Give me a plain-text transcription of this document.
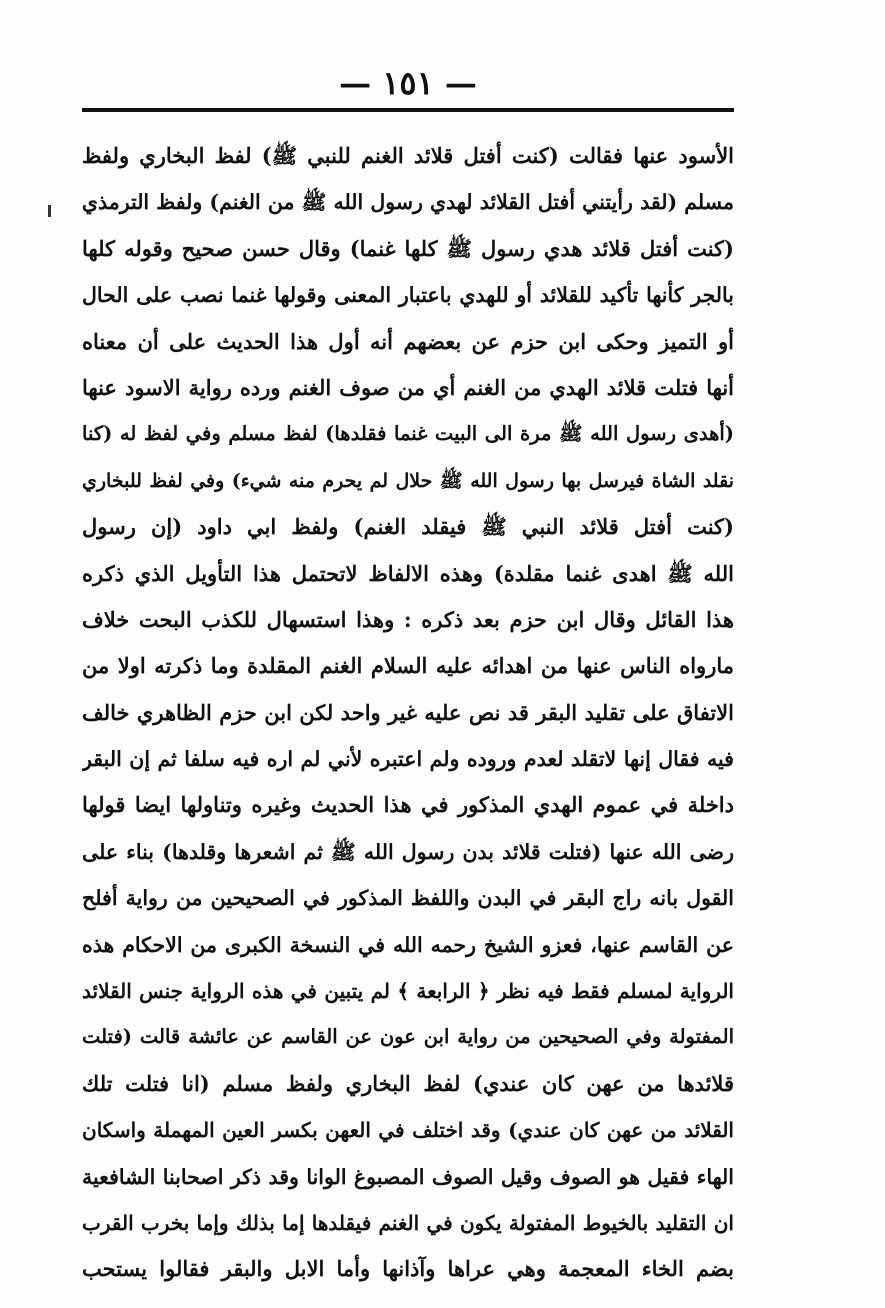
— ١٥١ —
الأسود عنها فقالت (كنت أفتل قلائد الغنم للنبي ﷺ) لفظ البخاري ولفظ
مسلم (لقد رأيتني أفتل القلائد لهدي رسول الله ﷺ من الغنم) ولفظ الترمذي
(كنت أفتل قلائد هدي رسول ﷺ كلها غنما) وقال حسن صحيح وقوله كلها
بالجر كأنها تأكيد للقلائد أو للهدي باعتبار المعنى وقولها غنما نصب على الحال
أو التميز وحكى ابن حزم عن بعضهم أنه أول هذا الحديث على أن معناه
أنها فتلت قلائد الهدي من الغنم أي من صوف الغنم ورده رواية الاسود عنها
(أهدى رسول الله ﷺ مرة الى البيت غنما فقلدها) لفظ مسلم وفي لفظ له (كنا
نقلد الشاة فيرسل بها رسول الله ﷺ حلال لم يحرم منه شيء) وفي لفظ للبخاري
(كنت أفتل قلائد النبي ﷺ فيقلد الغنم) ولفظ ابي داود (إن رسول
الله ﷺ اهدى غنما مقلدة) وهذه الالفاظ لاتحتمل هذا التأويل الذي ذكره
هذا القائل وقال ابن حزم بعد ذكره : وهذا استسهال للكذب البحت خلاف
مارواه الناس عنها من اهدائه عليه السلام الغنم المقلدة وما ذكرته اولا من
الاتفاق على تقليد البقر قد نص عليه غير واحد لكن ابن حزم الظاهري خالف
فيه فقال إنها لاتقلد لعدم وروده ولم اعتبره لأني لم اره فيه سلفا ثم إن البقر
داخلة في عموم الهدي المذكور في هذا الحديث وغيره وتناولها ايضا قولها
رضى الله عنها (فتلت قلائد بدن رسول الله ﷺ ثم اشعرها وقلدها) بناء على
القول بانه راج البقر في البدن واللفظ المذكور في الصحيحين من رواية أفلح
عن القاسم عنها، فعزو الشيخ رحمه الله في النسخة الكبرى من الاحكام هذه
الرواية لمسلم فقط فيه نظر ﴿ الرابعة ﴾ لم يتبين في هذه الرواية جنس القلائد
المفتولة وفي الصحيحين من رواية ابن عون عن القاسم عن عائشة قالت (فتلت
قلائدها من عهن كان عندي) لفظ البخاري ولفظ مسلم (انا فتلت تلك
القلائد من عهن كان عندي) وقد اختلف في العهن بكسر العين المهملة واسكان
الهاء فقيل هو الصوف وقيل الصوف المصبوغ الوانا وقد ذكر اصحابنا الشافعية
ان التقليد بالخيوط المفتولة يكون في الغنم فيقلدها إما بذلك وإما بخرب القرب
بضم الخاء المعجمة وهي عراها وآذانها وأما الابل والبقر فقالوا يستحب
